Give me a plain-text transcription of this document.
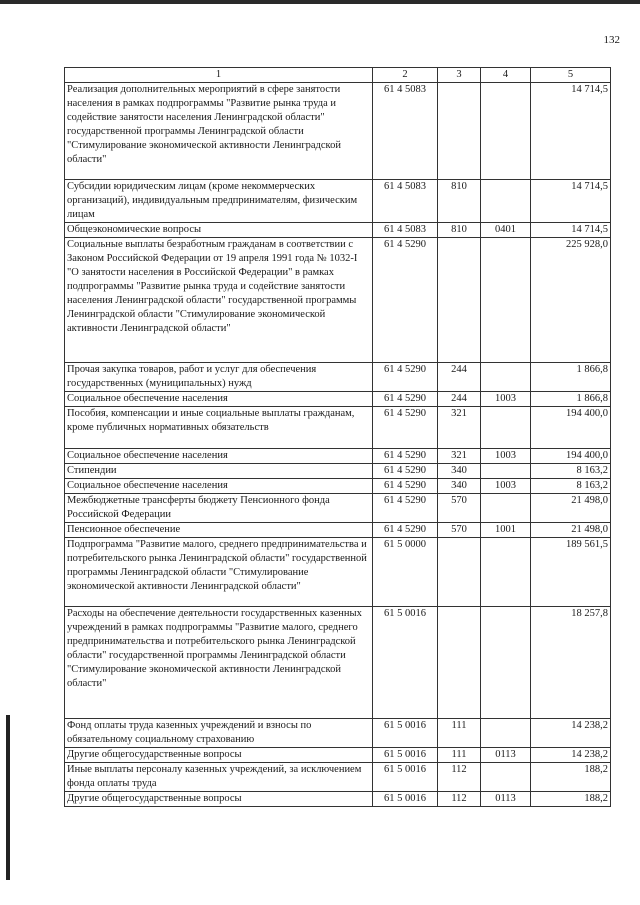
132
1	2	3	4	5
Реализация дополнительных мероприятий в сфере занятости населения в рамках подпрограммы "Развитие рынка труда и содействие занятости населения Ленинградской области" государственной программы Ленинградской области "Стимулирование экономической активности Ленинградской области"	61 4 5083			14 714,5
Субсидии юридическим лицам (кроме некоммерческих организаций), индивидуальным предпринимателям, физическим лицам	61 4 5083	810		14 714,5
Общеэкономические вопросы	61 4 5083	810	0401	14 714,5
Социальные выплаты безработным гражданам в соответствии с Законом Российской Федерации от 19 апреля 1991 года № 1032-I "О занятости населения в Российской Федерации" в рамках подпрограммы "Развитие рынка труда и содействие занятости населения Ленинградской области" государственной программы Ленинградской области "Стимулирование экономической активности Ленинградской области"	61 4 5290			225 928,0
Прочая закупка товаров, работ и услуг для обеспечения государственных (муниципальных) нужд	61 4 5290	244		1 866,8
Социальное обеспечение населения	61 4 5290	244	1003	1 866,8
Пособия, компенсации и иные социальные выплаты гражданам, кроме публичных нормативных обязательств	61 4 5290	321		194 400,0
Социальное обеспечение населения	61 4 5290	321	1003	194 400,0
Стипендии	61 4 5290	340		8 163,2
Социальное обеспечение населения	61 4 5290	340	1003	8 163,2
Межбюджетные трансферты бюджету Пенсионного фонда Российской Федерации	61 4 5290	570		21 498,0
Пенсионное обеспечение	61 4 5290	570	1001	21 498,0
Подпрограмма "Развитие малого, среднего предпринимательства и потребительского рынка Ленинградской области" государственной программы Ленинградской области "Стимулирование экономической активности Ленинградской области"	61 5 0000			189 561,5
Расходы на обеспечение деятельности государственных казенных учреждений в рамках подпрограммы "Развитие малого, среднего предпринимательства и потребительского рынка Ленинградской области" государственной программы Ленинградской области "Стимулирование экономической активности Ленинградской области"	61 5 0016			18 257,8
Фонд оплаты труда казенных учреждений и взносы по обязательному социальному страхованию	61 5 0016	111		14 238,2
Другие общегосударственные вопросы	61 5 0016	111	0113	14 238,2
Иные выплаты персоналу казенных учреждений, за исключением фонда оплаты труда	61 5 0016	112		188,2
Другие общегосударственные вопросы	61 5 0016	112	0113	188,2
